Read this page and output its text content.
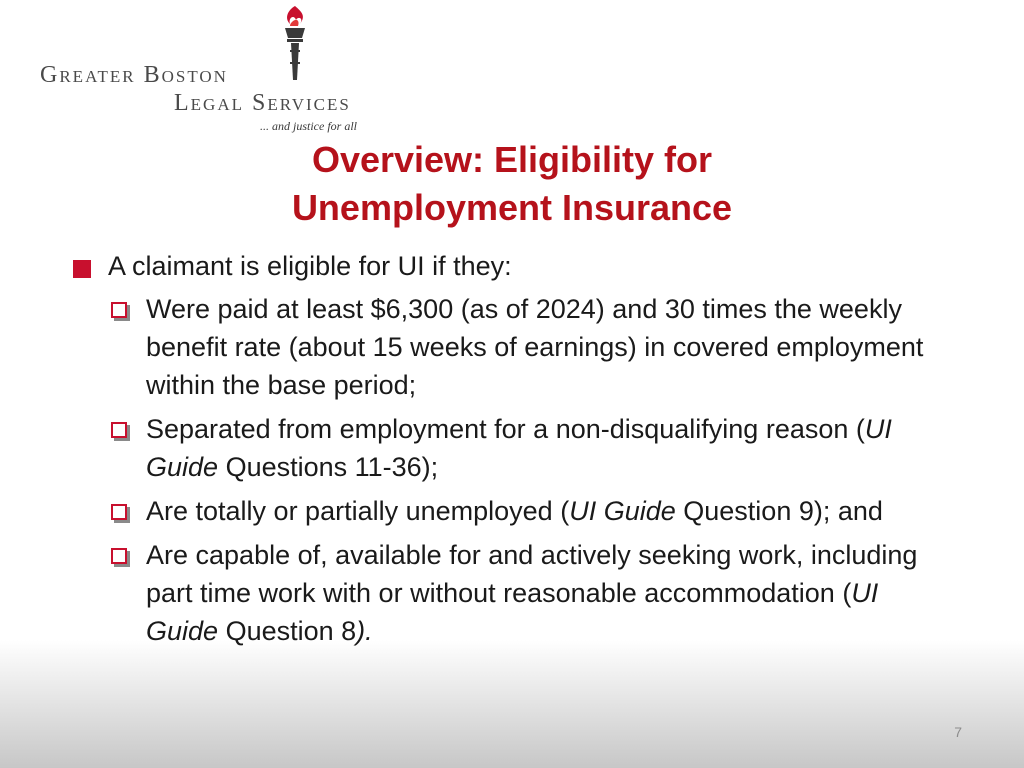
Greater Boston
Legal Services
... and justice for all
Overview: Eligibility for
Unemployment Insurance
A claimant is eligible for UI if they:
Were paid at least $6,300 (as of 2024) and 30 times the weekly benefit rate (about 15 weeks of earnings) in covered employment within the base period;
Separated from employment for a non-disqualifying reason (UI Guide Questions 11-36);
Are totally or partially unemployed (UI Guide Question 9); and
Are capable of, available for and actively seeking work, including part time work with or without reasonable accommodation (UI Guide Question 8).
7
